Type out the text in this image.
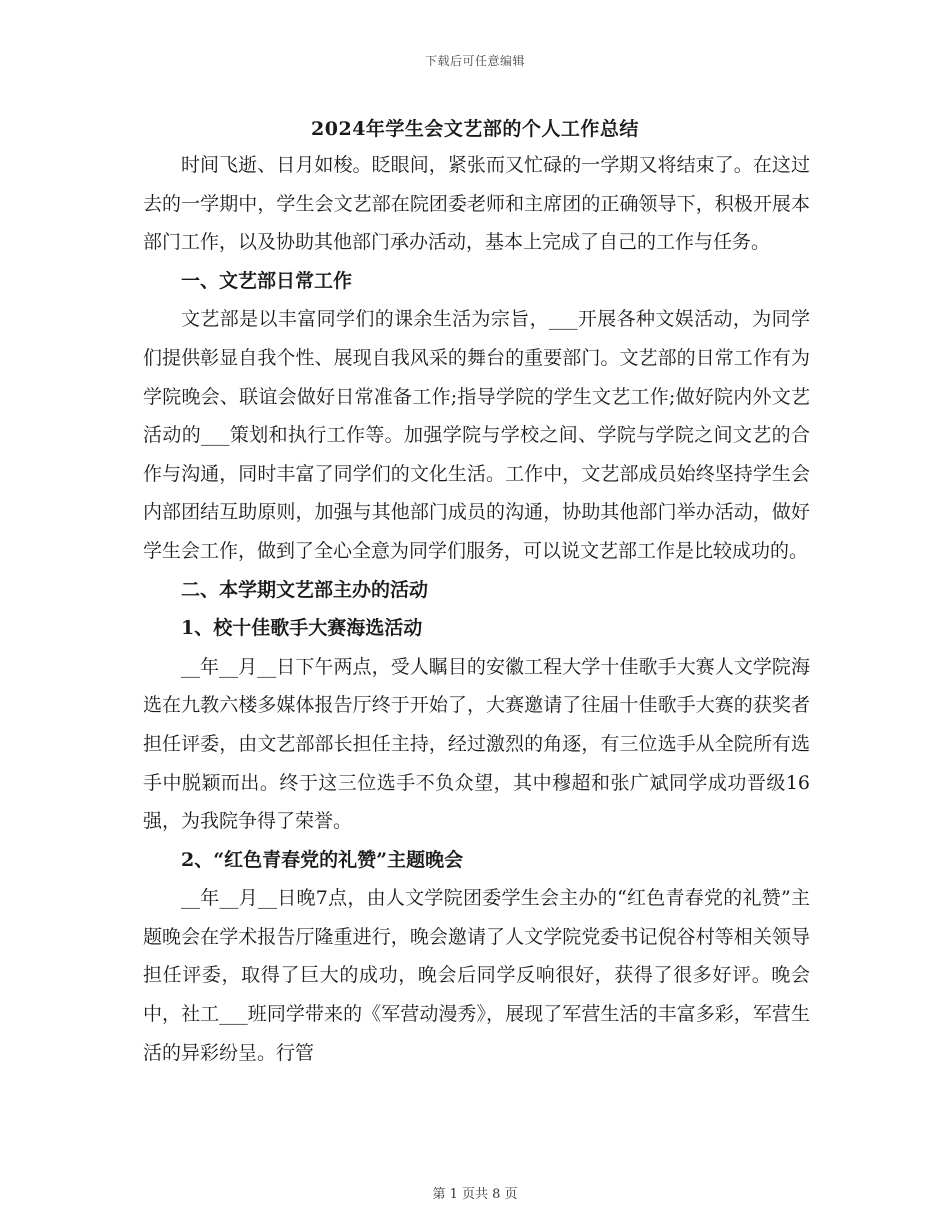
下载后可任意编辑
2024年学生会文艺部的个人工作总结

时间飞逝、日月如梭。眨眼间，紧张而又忙碌的一学期又将结束了。在这过去的一学期中，学生会文艺部在院团委老师和主席团的正确领导下，积极开展本部门工作，以及协助其他部门承办活动，基本上完成了自己的工作与任务。

一、文艺部日常工作

文艺部是以丰富同学们的课余生活为宗旨，___开展各种文娱活动，为同学们提供彰显自我个性、展现自我风采的舞台的重要部门。文艺部的日常工作有为学院晚会、联谊会做好日常准备工作;指导学院的学生文艺工作;做好院内外文艺活动的___策划和执行工作等。加强学院与学校之间、学院与学院之间文艺的合作与沟通，同时丰富了同学们的文化生活。工作中，文艺部成员始终坚持学生会内部团结互助原则，加强与其他部门成员的沟通，协助其他部门举办活动，做好学生会工作，做到了全心全意为同学们服务，可以说文艺部工作是比较成功的。

二、本学期文艺部主办的活动
1、校十佳歌手大赛海选活动

__年__月__日下午两点，受人瞩目的安徽工程大学十佳歌手大赛人文学院海选在九教六楼多媒体报告厅终于开始了，大赛邀请了往届十佳歌手大赛的获奖者担任评委，由文艺部部长担任主持，经过激烈的角逐，有三位选手从全院所有选手中脱颖而出。终于这三位选手不负众望，其中穆超和张广斌同学成功晋级16强，为我院争得了荣誉。

2、“红色青春党的礼赞”主题晚会

__年__月__日晚7点，由人文学院团委学生会主办的“红色青春党的礼赞”主题晚会在学术报告厅隆重进行，晚会邀请了人文学院党委书记倪谷村等相关领导担任评委，取得了巨大的成功，晚会后同学反响很好，获得了很多好评。晚会中，社工___班同学带来的《军营动漫秀》，展现了军营生活的丰富多彩，军营生活的异彩纷呈。行管

第 1 页共 8 页
